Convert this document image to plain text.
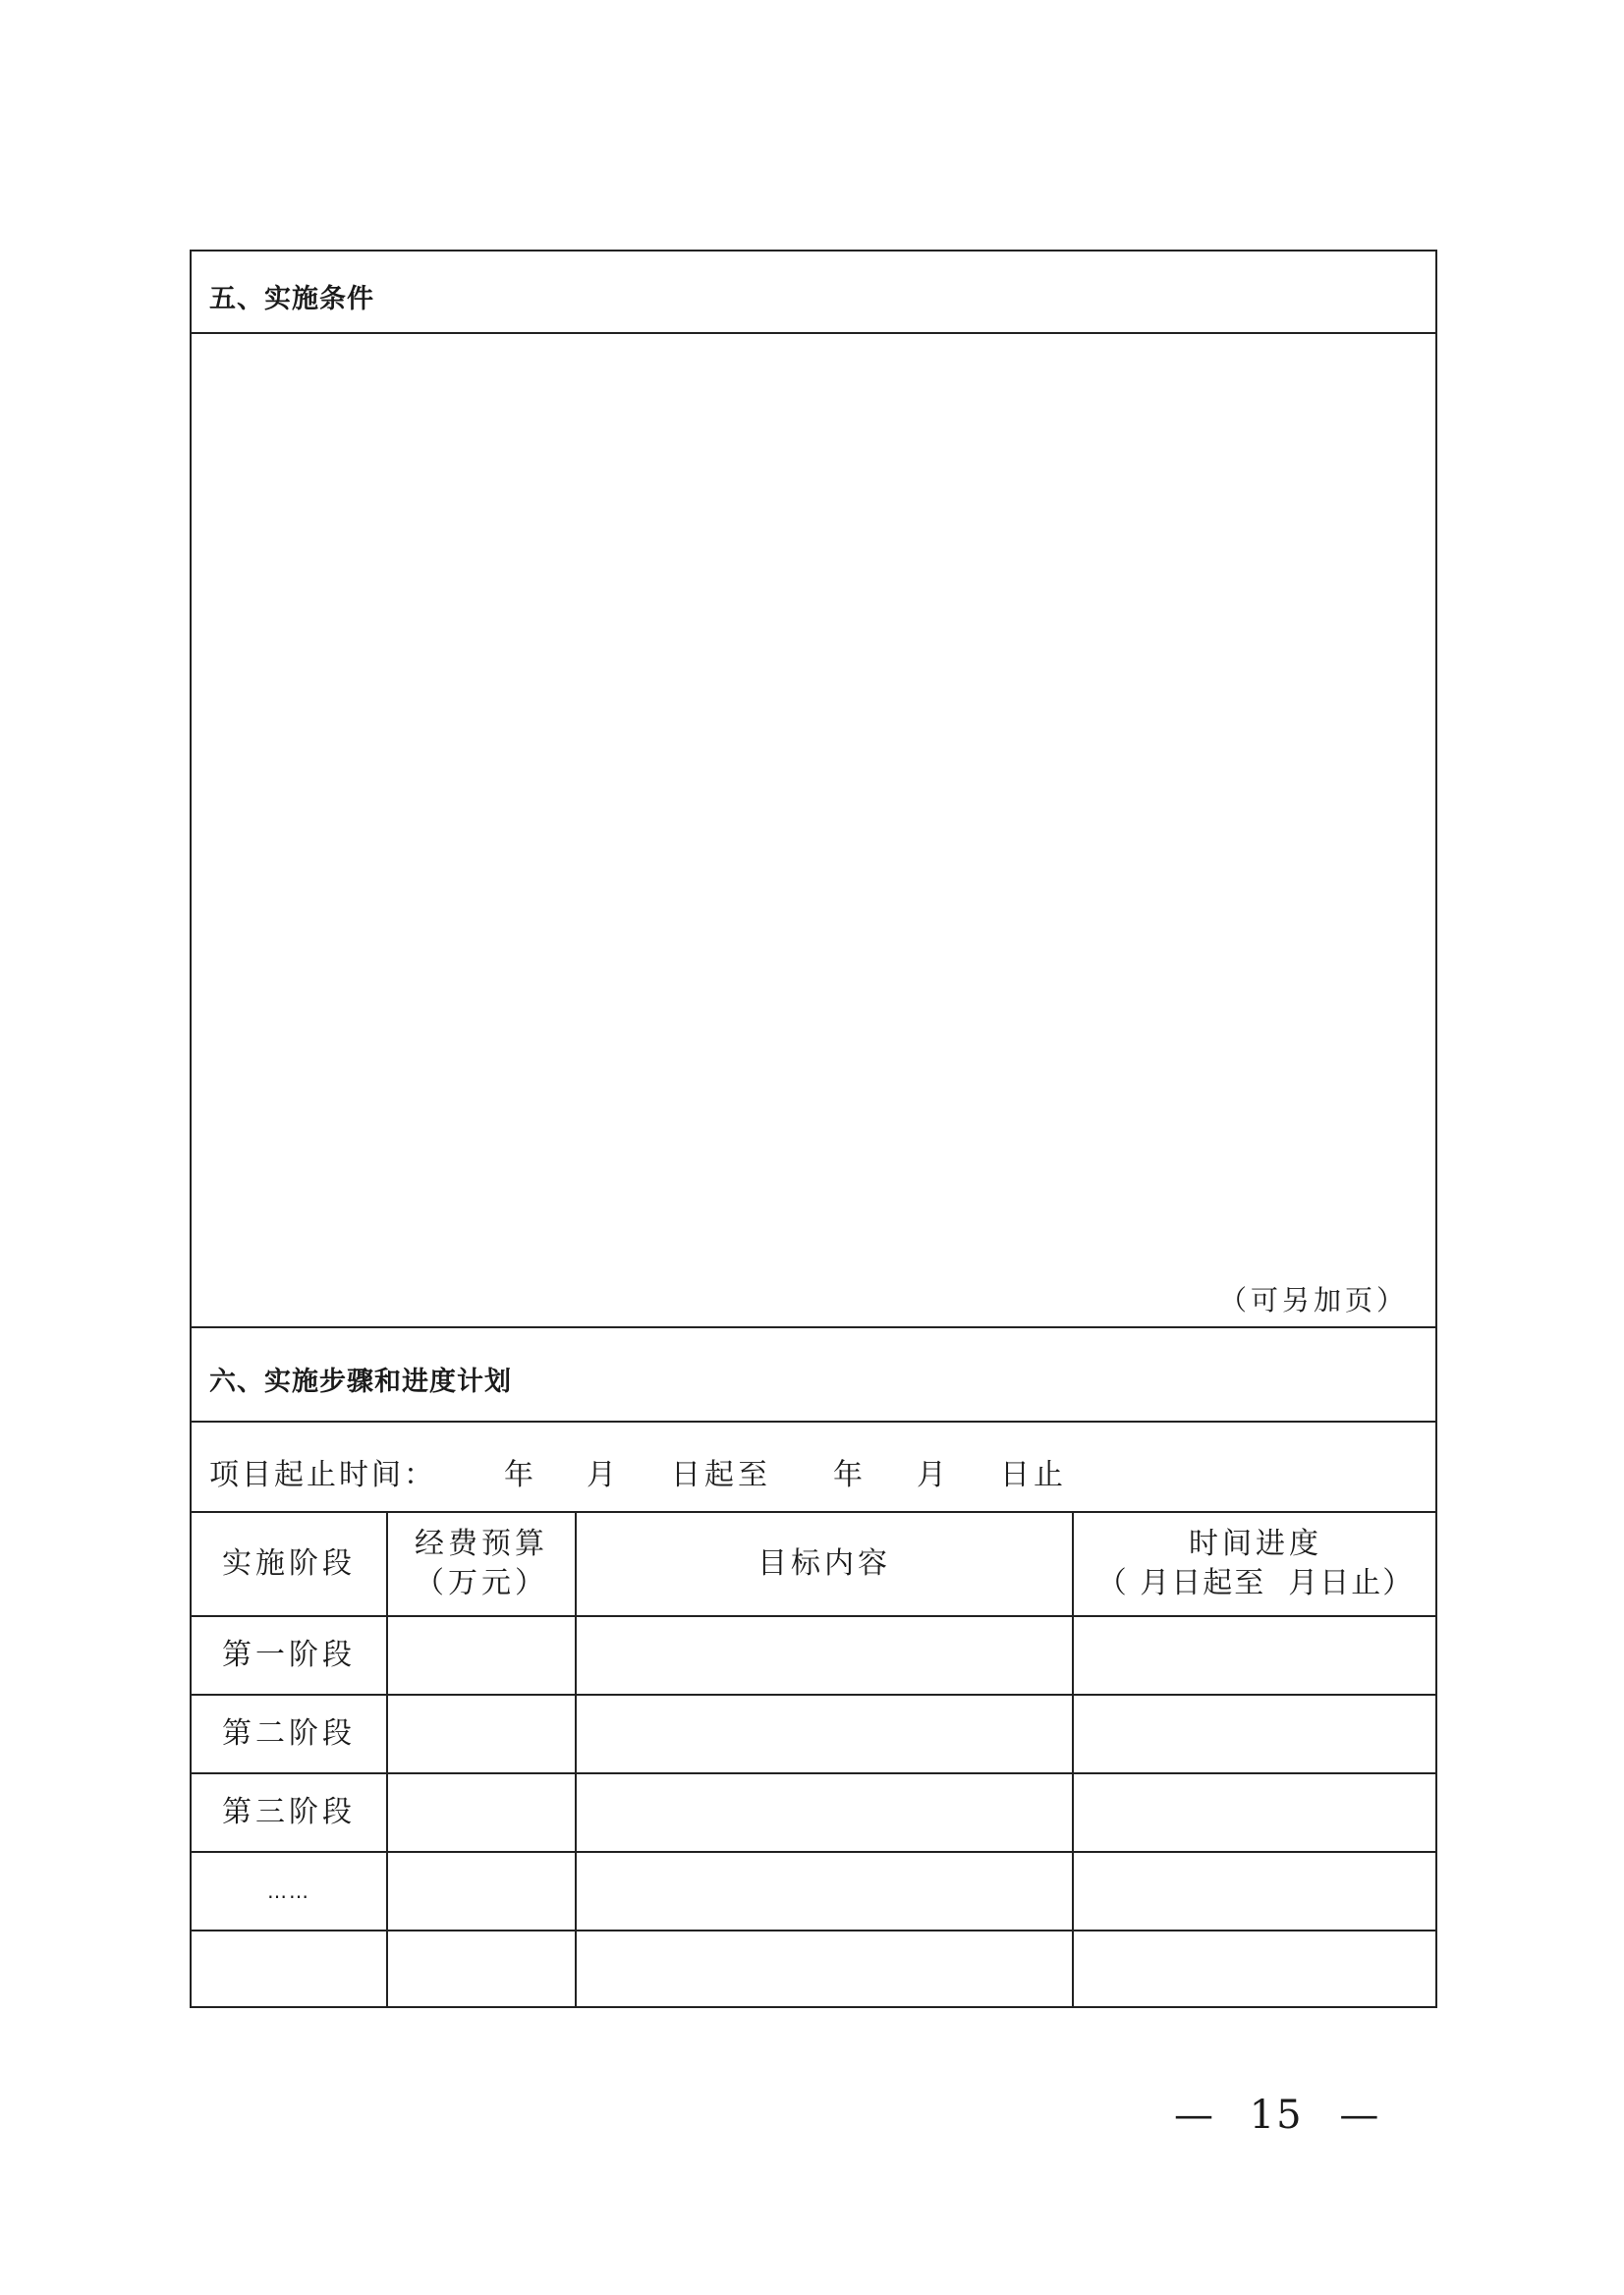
五、实施条件
（可另加页）
六、实施步骤和进度计划
项目起止时间： 年 月 日起至 年 月 日止
实施阶段
经费预算
（万元）
目标内容
时间进度
（ 月日起至  月日止）
第一阶段
第二阶段
第三阶段
……
— 15 —
